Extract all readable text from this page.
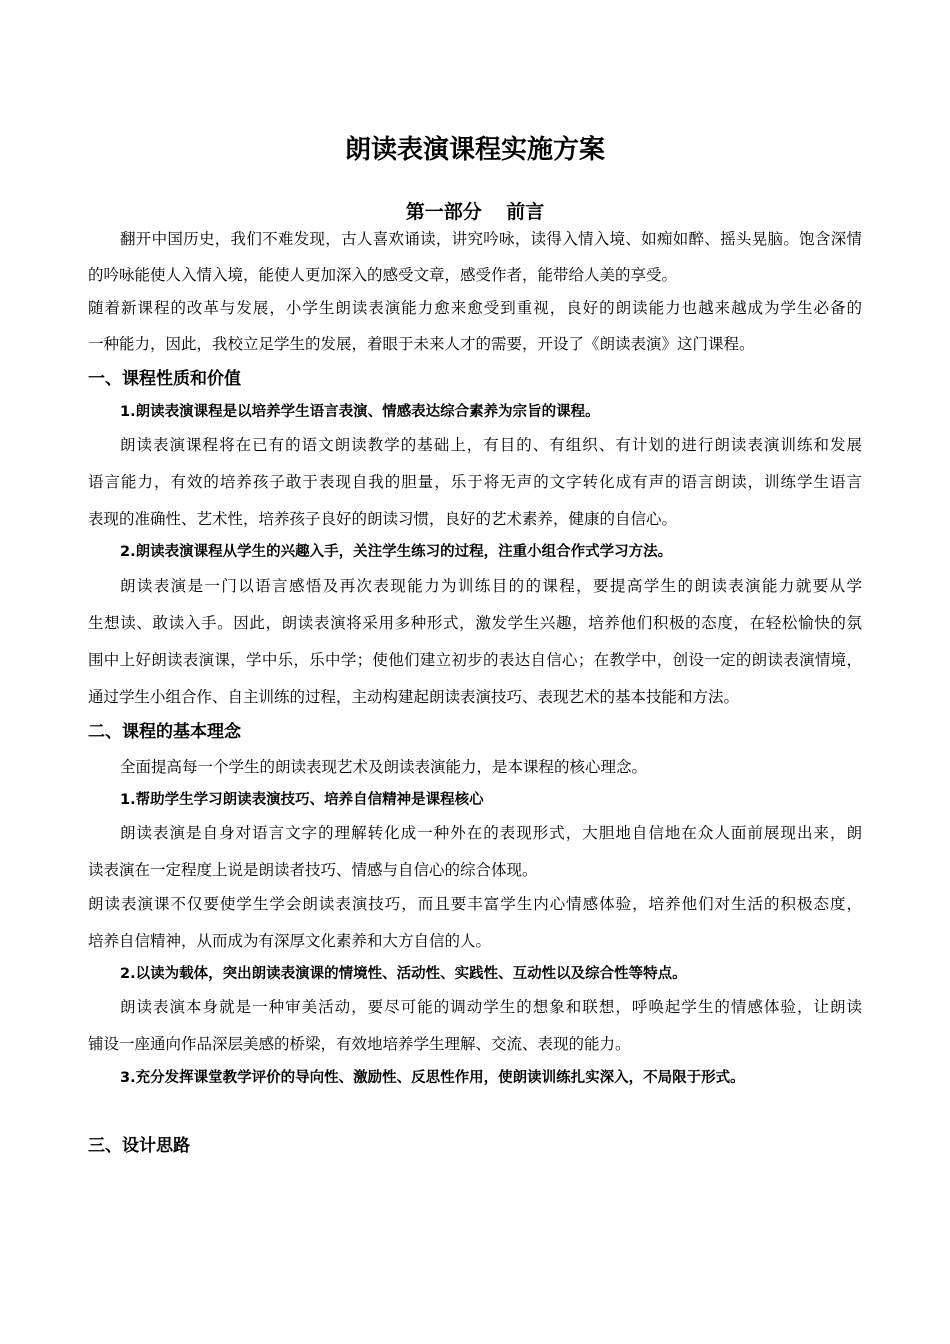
朗读表演课程实施方案
第一部分 前言
翻开中国历史，我们不难发现，古人喜欢诵读，讲究吟咏，读得入情入境、如痴如醉、摇头晃脑。饱含深情
的吟咏能使人入情入境，能使人更加深入的感受文章，感受作者，能带给人美的享受。
随着新课程的改革与发展，小学生朗读表演能力愈来愈受到重视，良好的朗读能力也越来越成为学生必备的
一种能力，因此，我校立足学生的发展，着眼于未来人才的需要，开设了《朗读表演》这门课程。
一、课程性质和价值
1.朗读表演课程是以培养学生语言表演、情感表达综合素养为宗旨的课程。
朗读表演课程将在已有的语文朗读教学的基础上，有目的、有组织、有计划的进行朗读表演训练和发展
语言能力，有效的培养孩子敢于表现自我的胆量，乐于将无声的文字转化成有声的语言朗读，训练学生语言
表现的准确性、艺术性，培养孩子良好的朗读习惯，良好的艺术素养，健康的自信心。
2.朗读表演课程从学生的兴趣入手，关注学生练习的过程，注重小组合作式学习方法。
朗读表演是一门以语言感悟及再次表现能力为训练目的的课程，要提高学生的朗读表演能力就要从学
生想读、敢读入手。因此，朗读表演将采用多种形式，激发学生兴趣，培养他们积极的态度，在轻松愉快的氛
围中上好朗读表演课，学中乐，乐中学；使他们建立初步的表达自信心；在教学中，创设一定的朗读表演情境，
通过学生小组合作、自主训练的过程，主动构建起朗读表演技巧、表现艺术的基本技能和方法。
二、课程的基本理念
全面提高每一个学生的朗读表现艺术及朗读表演能力，是本课程的核心理念。
1.帮助学生学习朗读表演技巧、培养自信精神是课程核心
朗读表演是自身对语言文字的理解转化成一种外在的表现形式，大胆地自信地在众人面前展现出来，朗
读表演在一定程度上说是朗读者技巧、情感与自信心的综合体现。
朗读表演课不仅要使学生学会朗读表演技巧，而且要丰富学生内心情感体验，培养他们对生活的积极态度，
培养自信精神，从而成为有深厚文化素养和大方自信的人。
2.以读为载体，突出朗读表演课的情境性、活动性、实践性、互动性以及综合性等特点。
朗读表演本身就是一种审美活动，要尽可能的调动学生的想象和联想，呼唤起学生的情感体验，让朗读
铺设一座通向作品深层美感的桥梁，有效地培养学生理解、交流、表现的能力。
3.充分发挥课堂教学评价的导向性、激励性、反思性作用，使朗读训练扎实深入，不局限于形式。
三、设计思路
